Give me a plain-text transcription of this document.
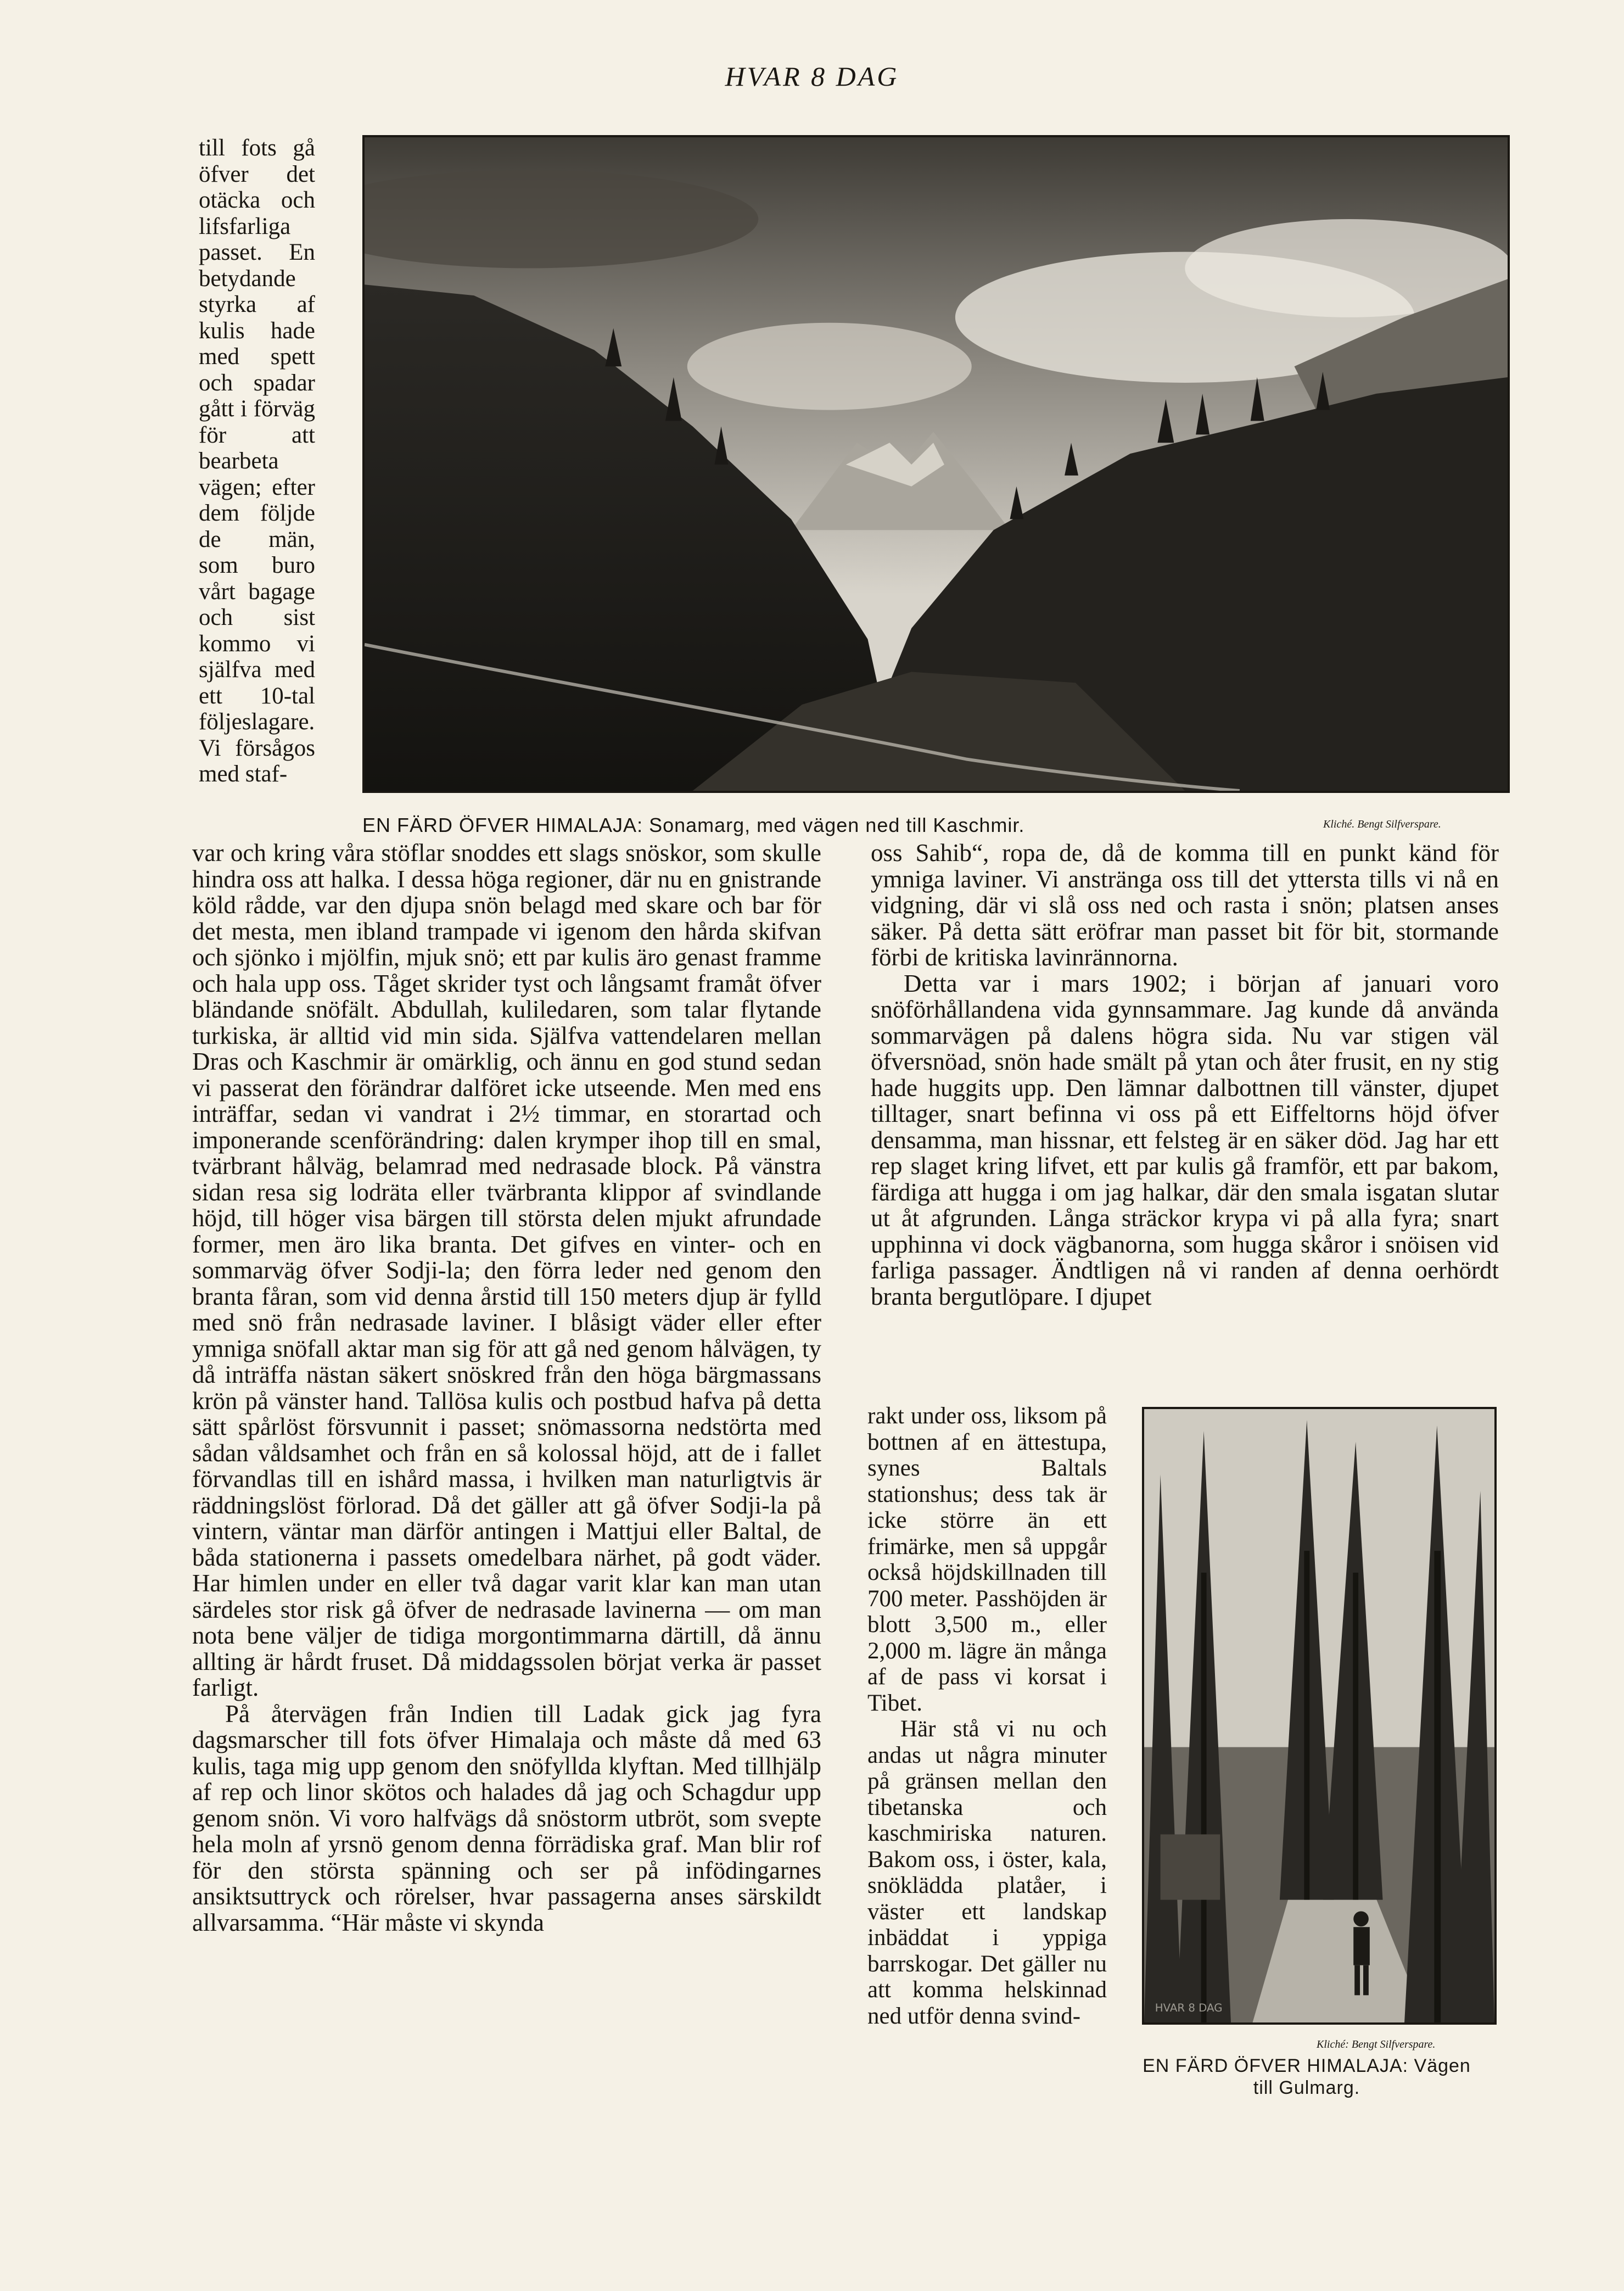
HVAR 8 DAG

till fots gå öfver det otäcka och lifsfarliga passet. En betydande styrka af kulis hade med spett och spadar gått i förväg för att bearbeta vägen; efter dem följde de män, som buro vårt bagage och sist kommo vi själfva med ett 10-tal följeslagare. Vi försågos med staf-

EN FÄRD ÖFVER HIMALAJA: Sonamarg, med vägen ned till Kaschmir.	Kliché. Bengt Silfverspare.

var och kring våra stöflar snoddes ett slags snöskor, som skulle hindra oss att halka. I dessa höga regioner, där nu en gnistrande köld rådde, var den djupa snön belagd med skare och bar för det mesta, men ibland trampade vi igenom den hårda skifvan och sjönko i mjölfin, mjuk snö; ett par kulis äro genast framme och hala upp oss. Tåget skrider tyst och långsamt framåt öfver bländande snöfält. Abdullah, kuliledaren, som talar flytande turkiska, är alltid vid min sida. Själfva vattendelaren mellan Dras och Kaschmir är omärklig, och ännu en god stund sedan vi passerat den förändrar dalföret icke utseende. Men med ens inträffar, sedan vi vandrat i 2½ timmar, en storartad och imponerande scenförändring: dalen krymper ihop till en smal, tvärbrant hålväg, belamrad med nedrasade block. På vänstra sidan resa sig lodräta eller tvärbranta klippor af svindlande höjd, till höger visa bärgen till största delen mjukt afrundade former, men äro lika branta. Det gifves en vinter- och en sommarväg öfver Sodji-la; den förra leder ned genom den branta fåran, som vid denna årstid till 150 meters djup är fylld med snö från nedrasade laviner. I blåsigt väder eller efter ymniga snöfall aktar man sig för att gå ned genom hålvägen, ty då inträffa nästan säkert snöskred från den höga bärgmassans krön på vänster hand. Tallösa kulis och postbud hafva på detta sätt spårlöst försvunnit i passet; snömassorna nedstörta med sådan våldsamhet och från en så kolossal höjd, att de i fallet förvandlas till en ishård massa, i hvilken man naturligtvis är räddningslöst förlorad. Då det gäller att gå öfver Sodji-la på vintern, väntar man därför antingen i Mattjui eller Baltal, de båda stationerna i passets omedelbara närhet, på godt väder. Har himlen under en eller två dagar varit klar kan man utan särdeles stor risk gå öfver de nedrasade lavinerna — om man nota bene väljer de tidiga morgontimmarna därtill, då ännu allting är hårdt fruset. Då middagssolen börjat verka är passet farligt.

På återvägen från Indien till Ladak gick jag fyra dagsmarscher till fots öfver Himalaja och måste då med 63 kulis, taga mig upp genom den snöfyllda klyftan. Med tillhjälp af rep och linor skötos och halades då jag och Schagdur upp genom snön. Vi voro halfvägs då snöstorm utbröt, som svepte hela moln af yrsnö genom denna förrädiska graf. Man blir rof för den största spänning och ser på infödingarnes ansiktsuttryck och rörelser, hvar passagerna anses särskildt allvarsamma. “Här måste vi skynda

oss Sahib“, ropa de, då de komma till en punkt känd för ymniga laviner. Vi anstränga oss till det yttersta tills vi nå en vidgning, där vi slå oss ned och rasta i snön; platsen anses säker. På detta sätt eröfrar man passet bit för bit, stormande förbi de kritiska lavinrännorna.

Detta var i mars 1902; i början af januari voro snöförhållandena vida gynnsammare. Jag kunde då använda sommarvägen på dalens högra sida. Nu var stigen väl öfversnöad, snön hade smält på ytan och åter frusit, en ny stig hade huggits upp. Den lämnar dalbottnen till vänster, djupet tilltager, snart befinna vi oss på ett Eiffeltorns höjd öfver densamma, man hissnar, ett felsteg är en säker död. Jag har ett rep slaget kring lifvet, ett par kulis gå framför, ett par bakom, färdiga att hugga i om jag halkar, där den smala isgatan slutar ut åt afgrunden. Långa sträckor krypa vi på alla fyra; snart upphinna vi dock vägbanorna, som hugga skåror i snöisen vid farliga passager. Ändtligen nå vi randen af denna oerhördt branta bergutlöpare. I djupet

rakt under oss, liksom på bottnen af en ättestupa, synes Baltals stationshus; dess tak är icke större än ett frimärke, men så uppgår också höjdskillnaden till 700 meter. Passhöjden är blott 3,500 m., eller 2,000 m. lägre än många af de pass vi korsat i Tibet.

Här stå vi nu och andas ut några minuter på gränsen mellan den tibetanska och kaschmiriska naturen. Bakom oss, i öster, kala, snöklädda platåer, i väster ett landskap inbäddat i yppiga barrskogar. Det gäller nu att komma helskinnad ned utför denna svind-	HVAR 8 DAG
Kliché: Bengt Silfverspare.
EN FÄRD ÖFVER HIMALAJA: Vägen till Gulmarg.
